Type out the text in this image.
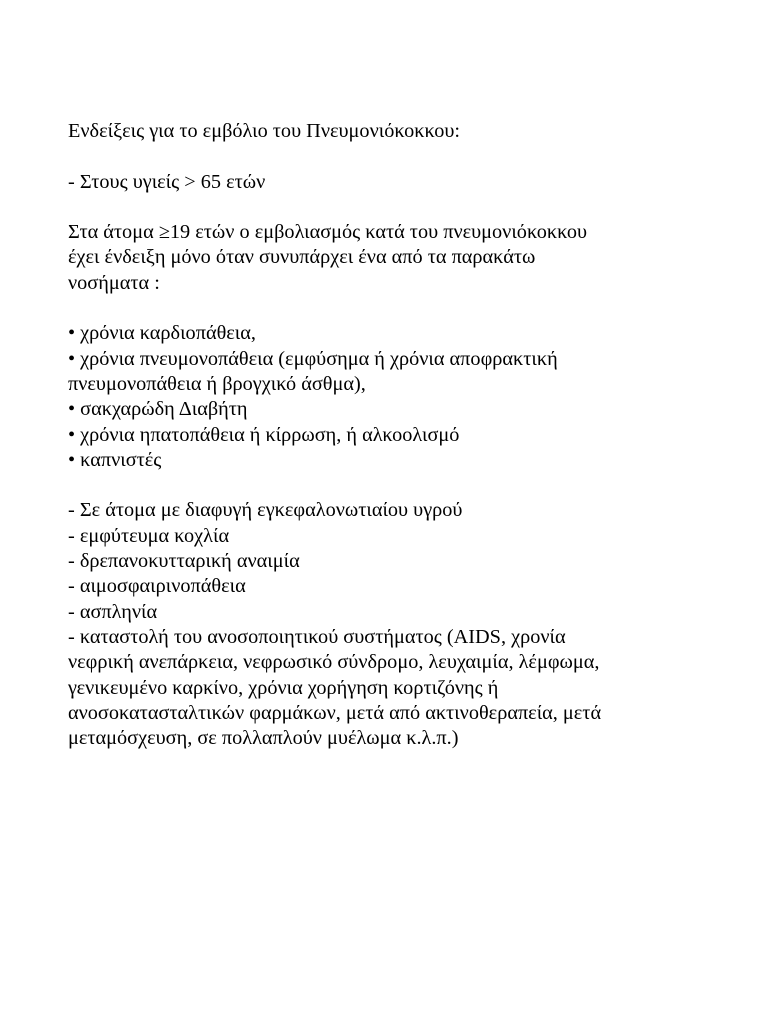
Ενδείξεις για το εμβόλιο του Πνευμονιόκοκκου:
- Στους υγιείς > 65 ετών
Στα άτομα ≥19 ετών ο εμβολιασμός κατά του πνευμονιόκοκκου
έχει ένδειξη μόνο όταν συνυπάρχει ένα από τα παρακάτω
νοσήματα :
• χρόνια καρδιοπάθεια,
• χρόνια πνευμονοπάθεια (εμφύσημα ή χρόνια αποφρακτική
πνευμονοπάθεια ή βρογχικό άσθμα),
• σακχαρώδη Διαβήτη
• χρόνια ηπατοπάθεια ή κίρρωση, ή αλκοολισμό
• καπνιστές
- Σε άτομα με διαφυγή εγκεφαλονωτιαίου υγρού
- εμφύτευμα κοχλία
- δρεπανοκυτταρική αναιμία
- αιμοσφαιρινοπάθεια
- ασπληνία
- καταστολή του ανοσοποιητικού συστήματος (AIDS, χρονία
νεφρική ανεπάρκεια, νεφρωσικό σύνδρομο, λευχαιμία, λέμφωμα,
γενικευμένο καρκίνο, χρόνια χορήγηση κορτιζόνης ή
ανοσοκατασταλτικών φαρμάκων, μετά από ακτινοθεραπεία, μετά
μεταμόσχευση, σε πολλαπλούν μυέλωμα κ.λ.π.)
